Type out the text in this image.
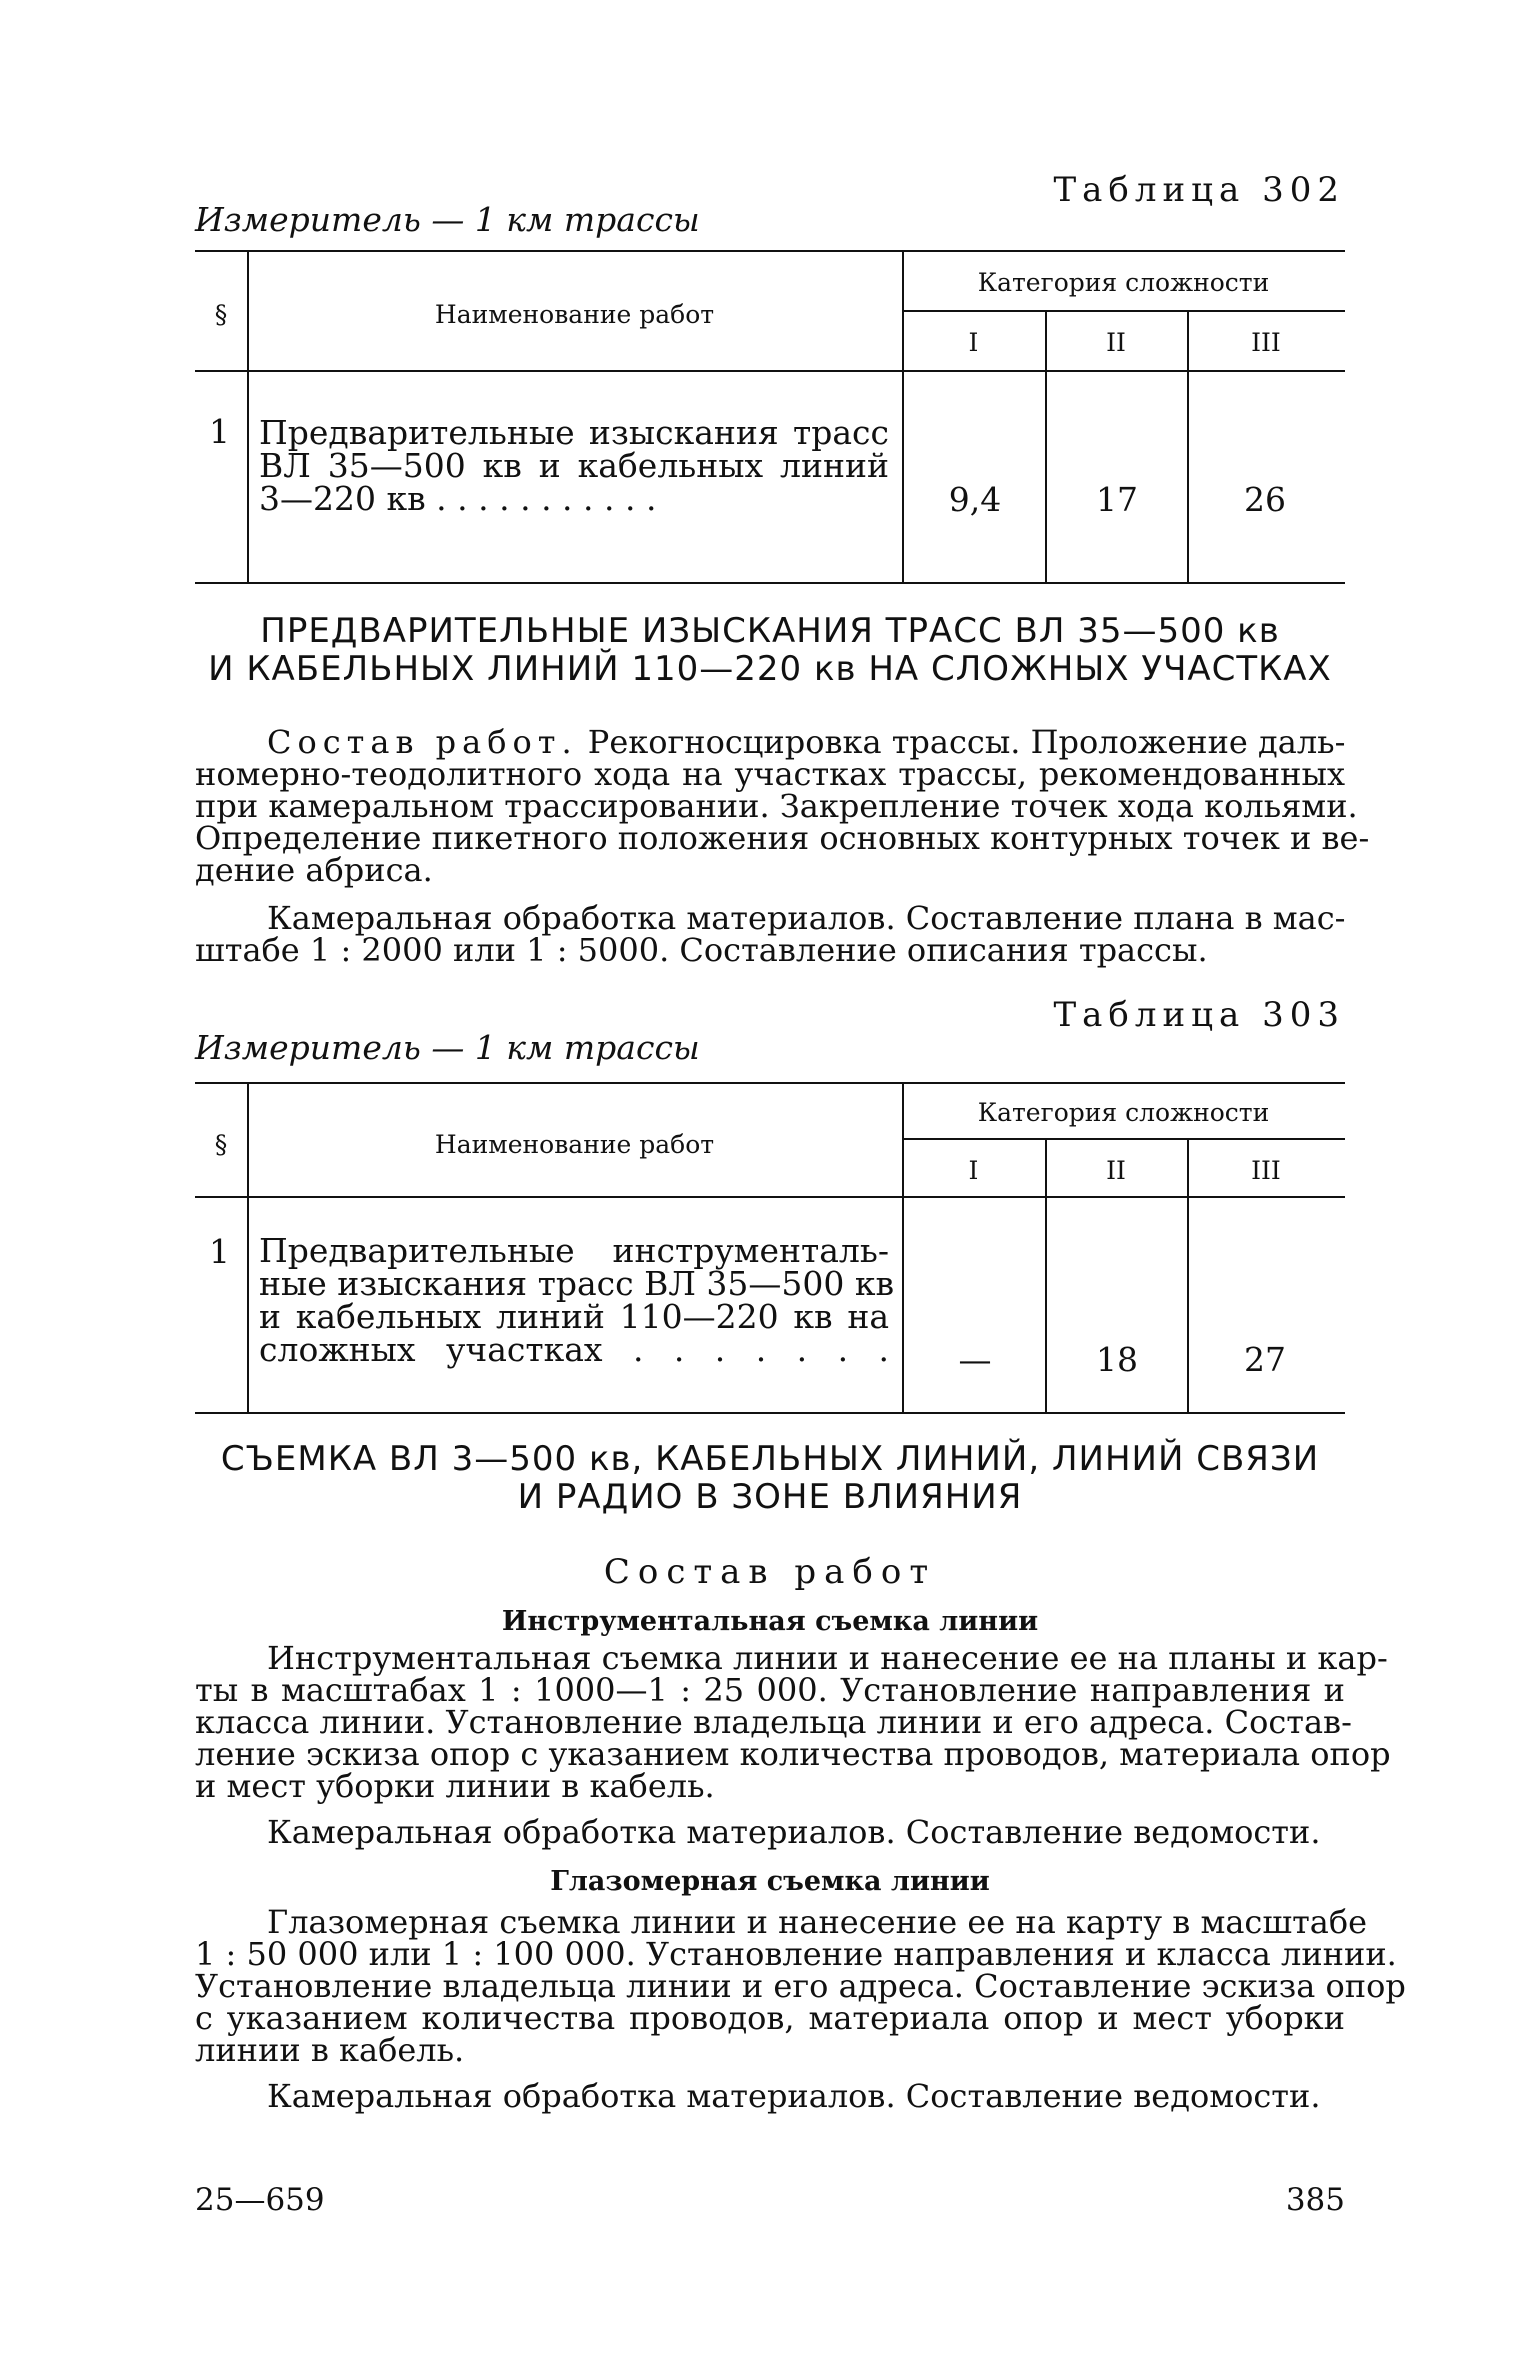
Таблица 302
Измеритель — 1 км трассы
§	Наименование работ
Категория сложности
I	II	III
1 Предварительные изыскания трасс
ВЛ 35—500 кв и кабельных линий
3—220 кв . . . . . . . . . . .	9,4	17	26
ПРЕДВАРИТЕЛЬНЫЕ ИЗЫСКАНИЯ ТРАСС ВЛ 35—500 кв
И КАБЕЛЬНЫХ ЛИНИЙ 110—220 кв НА СЛОЖНЫХ УЧАСТКАХ
Состав работ. Рекогносцировка трассы. Проложение даль-
номерно-теодолитного хода на участках трассы, рекомендованных
при камеральном трассировании. Закрепление точек хода кольями.
Определение пикетного положения основных контурных точек и ве-
дение абриса.
Камеральная обработка материалов. Составление плана в мас-
штабе 1 : 2000 или 1 : 5000. Составление описания трассы.
Таблица 303
Измеритель — 1 км трассы
§	Наименование работ
Категория сложности
I	II	III
1 Предварительные инструменталь-
ные изыскания трасс ВЛ 35—500 кв
и кабельных линий 110—220 кв на
сложных участках . . . . . . .	—	18	27
СЪЕМКА ВЛ 3—500 кв, КАБЕЛЬНЫХ ЛИНИЙ, ЛИНИЙ СВЯЗИ
И РАДИО В ЗОНЕ ВЛИЯНИЯ
Состав работ
Инструментальная съемка линии
Инструментальная съемка линии и нанесение ее на планы и кар-
ты в масштабах 1 : 1000—1 : 25 000. Установление направления и
класса линии. Установление владельца линии и его адреса. Состав-
ление эскиза опор с указанием количества проводов, материала опор
и мест уборки линии в кабель.
Камеральная обработка материалов. Составление ведомости.
Глазомерная съемка линии
Глазомерная съемка линии и нанесение ее на карту в масштабе
1 : 50 000 или 1 : 100 000. Установление направления и класса линии.
Установление владельца линии и его адреса. Составление эскиза опор
с указанием количества проводов, материала опор и мест уборки
линии в кабель.
Камеральная обработка материалов. Составление ведомости.
25—659	385
